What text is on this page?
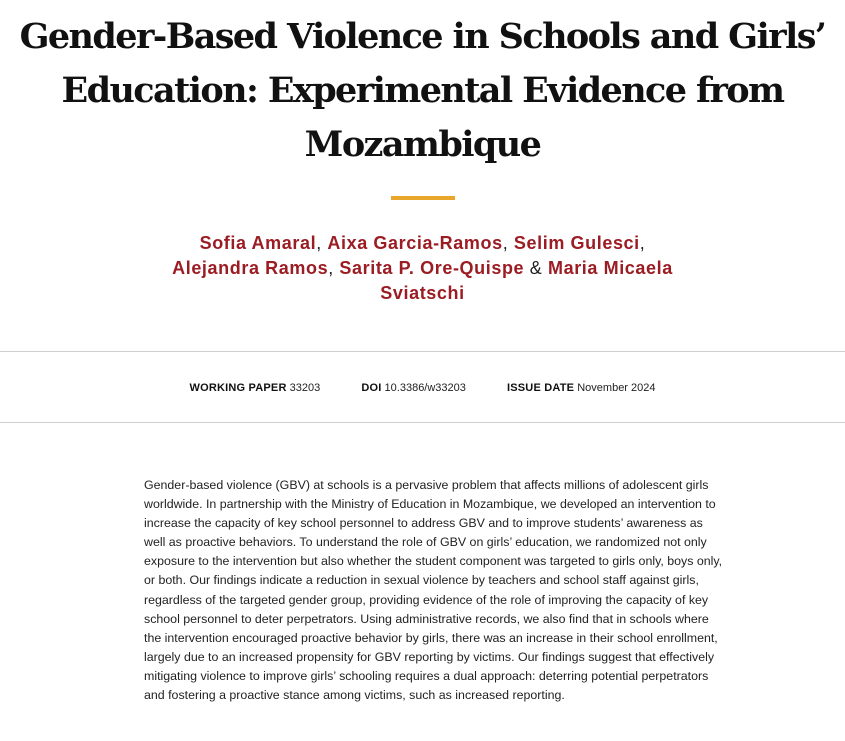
Gender-Based Violence in Schools and Girls’
Education: Experimental Evidence from
Mozambique
Sofia Amaral, Aixa Garcia-Ramos, Selim Gulesci,
Alejandra Ramos, Sarita P. Ore-Quispe & Maria Micaela
Sviatschi
WORKING PAPER 33203	DOI 10.3386/w33203	ISSUE DATE November 2024

Gender-based violence (GBV) at schools is a pervasive problem that affects millions of adolescent girls worldwide. In partnership with the Ministry of Education in Mozambique, we developed an intervention to increase the capacity of key school personnel to address GBV and to improve students’ awareness as well as proactive behaviors. To understand the role of GBV on girls’ education, we randomized not only exposure to the intervention but also whether the student component was targeted to girls only, boys only, or both. Our findings indicate a reduction in sexual violence by teachers and school staff against girls, regardless of the targeted gender group, providing evidence of the role of improving the capacity of key school personnel to deter perpetrators. Using administrative records, we also find that in schools where the intervention encouraged proactive behavior by girls, there was an increase in their school enrollment, largely due to an increased propensity for GBV reporting by victims. Our findings suggest that effectively mitigating violence to improve girls’ schooling requires a dual approach: deterring potential perpetrators and fostering a proactive stance among victims, such as increased reporting.
